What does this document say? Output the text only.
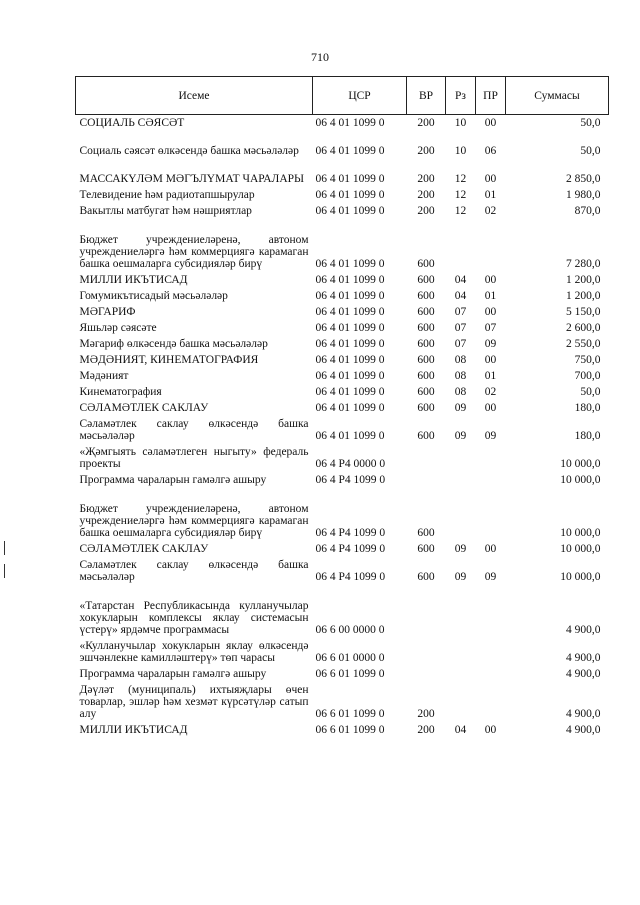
710
Исеме	ЦСР	ВР	Рз	ПР	Суммасы
СОЦИАЛЬ СӘЯСӘТ	06 4 01 1099 0	200	10	00	50,0
Социаль сәясәт өлкәсендә башка мәсьәләләр	06 4 01 1099 0	200	10	06	50,0
МАССАКҮЛӘМ МӘГЪЛҮМАТ ЧАРАЛАРЫ	06 4 01 1099 0	200	12	00	2 850,0
Телевидение һәм радиотапшырулар	06 4 01 1099 0	200	12	01	1 980,0
Вакытлы матбугат һәм нәшриятлар	06 4 01 1099 0	200	12	02	870,0
Бюджет учреждениеләренә, автоном учреждениеләргә һәм коммерциягә карамаган башка оешмаларга субсидияләр бирү	06 4 01 1099 0	600			7 280,0
МИЛЛИ ИКЪТИСАД	06 4 01 1099 0	600	04	00	1 200,0
Гомумикътисадый мәсьәләләр	06 4 01 1099 0	600	04	01	1 200,0
МӘГАРИФ	06 4 01 1099 0	600	07	00	5 150,0
Яшьләр сәясәте	06 4 01 1099 0	600	07	07	2 600,0
Мәгариф өлкәсендә башка мәсьәләләр	06 4 01 1099 0	600	07	09	2 550,0
МӘДӘНИЯТ, КИНЕМАТОГРАФИЯ	06 4 01 1099 0	600	08	00	750,0
Мәдәният	06 4 01 1099 0	600	08	01	700,0
Кинематография	06 4 01 1099 0	600	08	02	50,0
СӘЛАМӘТЛЕК САКЛАУ	06 4 01 1099 0	600	09	00	180,0
Сәламәтлек саклау өлкәсендә башка мәсьәләләр	06 4 01 1099 0	600	09	09	180,0
«Җәмгыять сәламәтлеген ныгыту» федераль проекты	06 4 P4 0000 0				10 000,0
Программа чараларын гамәлгә ашыру	06 4 P4 1099 0				10 000,0
Бюджет учреждениеләренә, автоном учреждениеләргә һәм коммерциягә карамаган башка оешмаларга субсидияләр бирү	06 4 P4 1099 0	600			10 000,0
СӘЛАМӘТЛЕК САКЛАУ	06 4 P4 1099 0	600	09	00	10 000,0
Сәламәтлек саклау өлкәсендә башка мәсьәләләр	06 4 P4 1099 0	600	09	09	10 000,0
«Татарстан Республикасында кулланучылар хокукларын комплексы яклау системасын үстерү» ярдәмче программасы	06 6 00 0000 0				4 900,0
«Кулланучылар хокукларын яклау өлкәсендә эшчәнлекне камилләштерү» төп чарасы	06 6 01 0000 0				4 900,0
Программа чараларын гамәлгә ашыру	06 6 01 1099 0				4 900,0
Дәүләт (муниципаль) ихтыяҗлары өчен товарлар, эшләр һәм хезмәт күрсәтүләр сатып алу	06 6 01 1099 0	200			4 900,0
МИЛЛИ ИКЪТИСАД	06 6 01 1099 0	200	04	00	4 900,0
